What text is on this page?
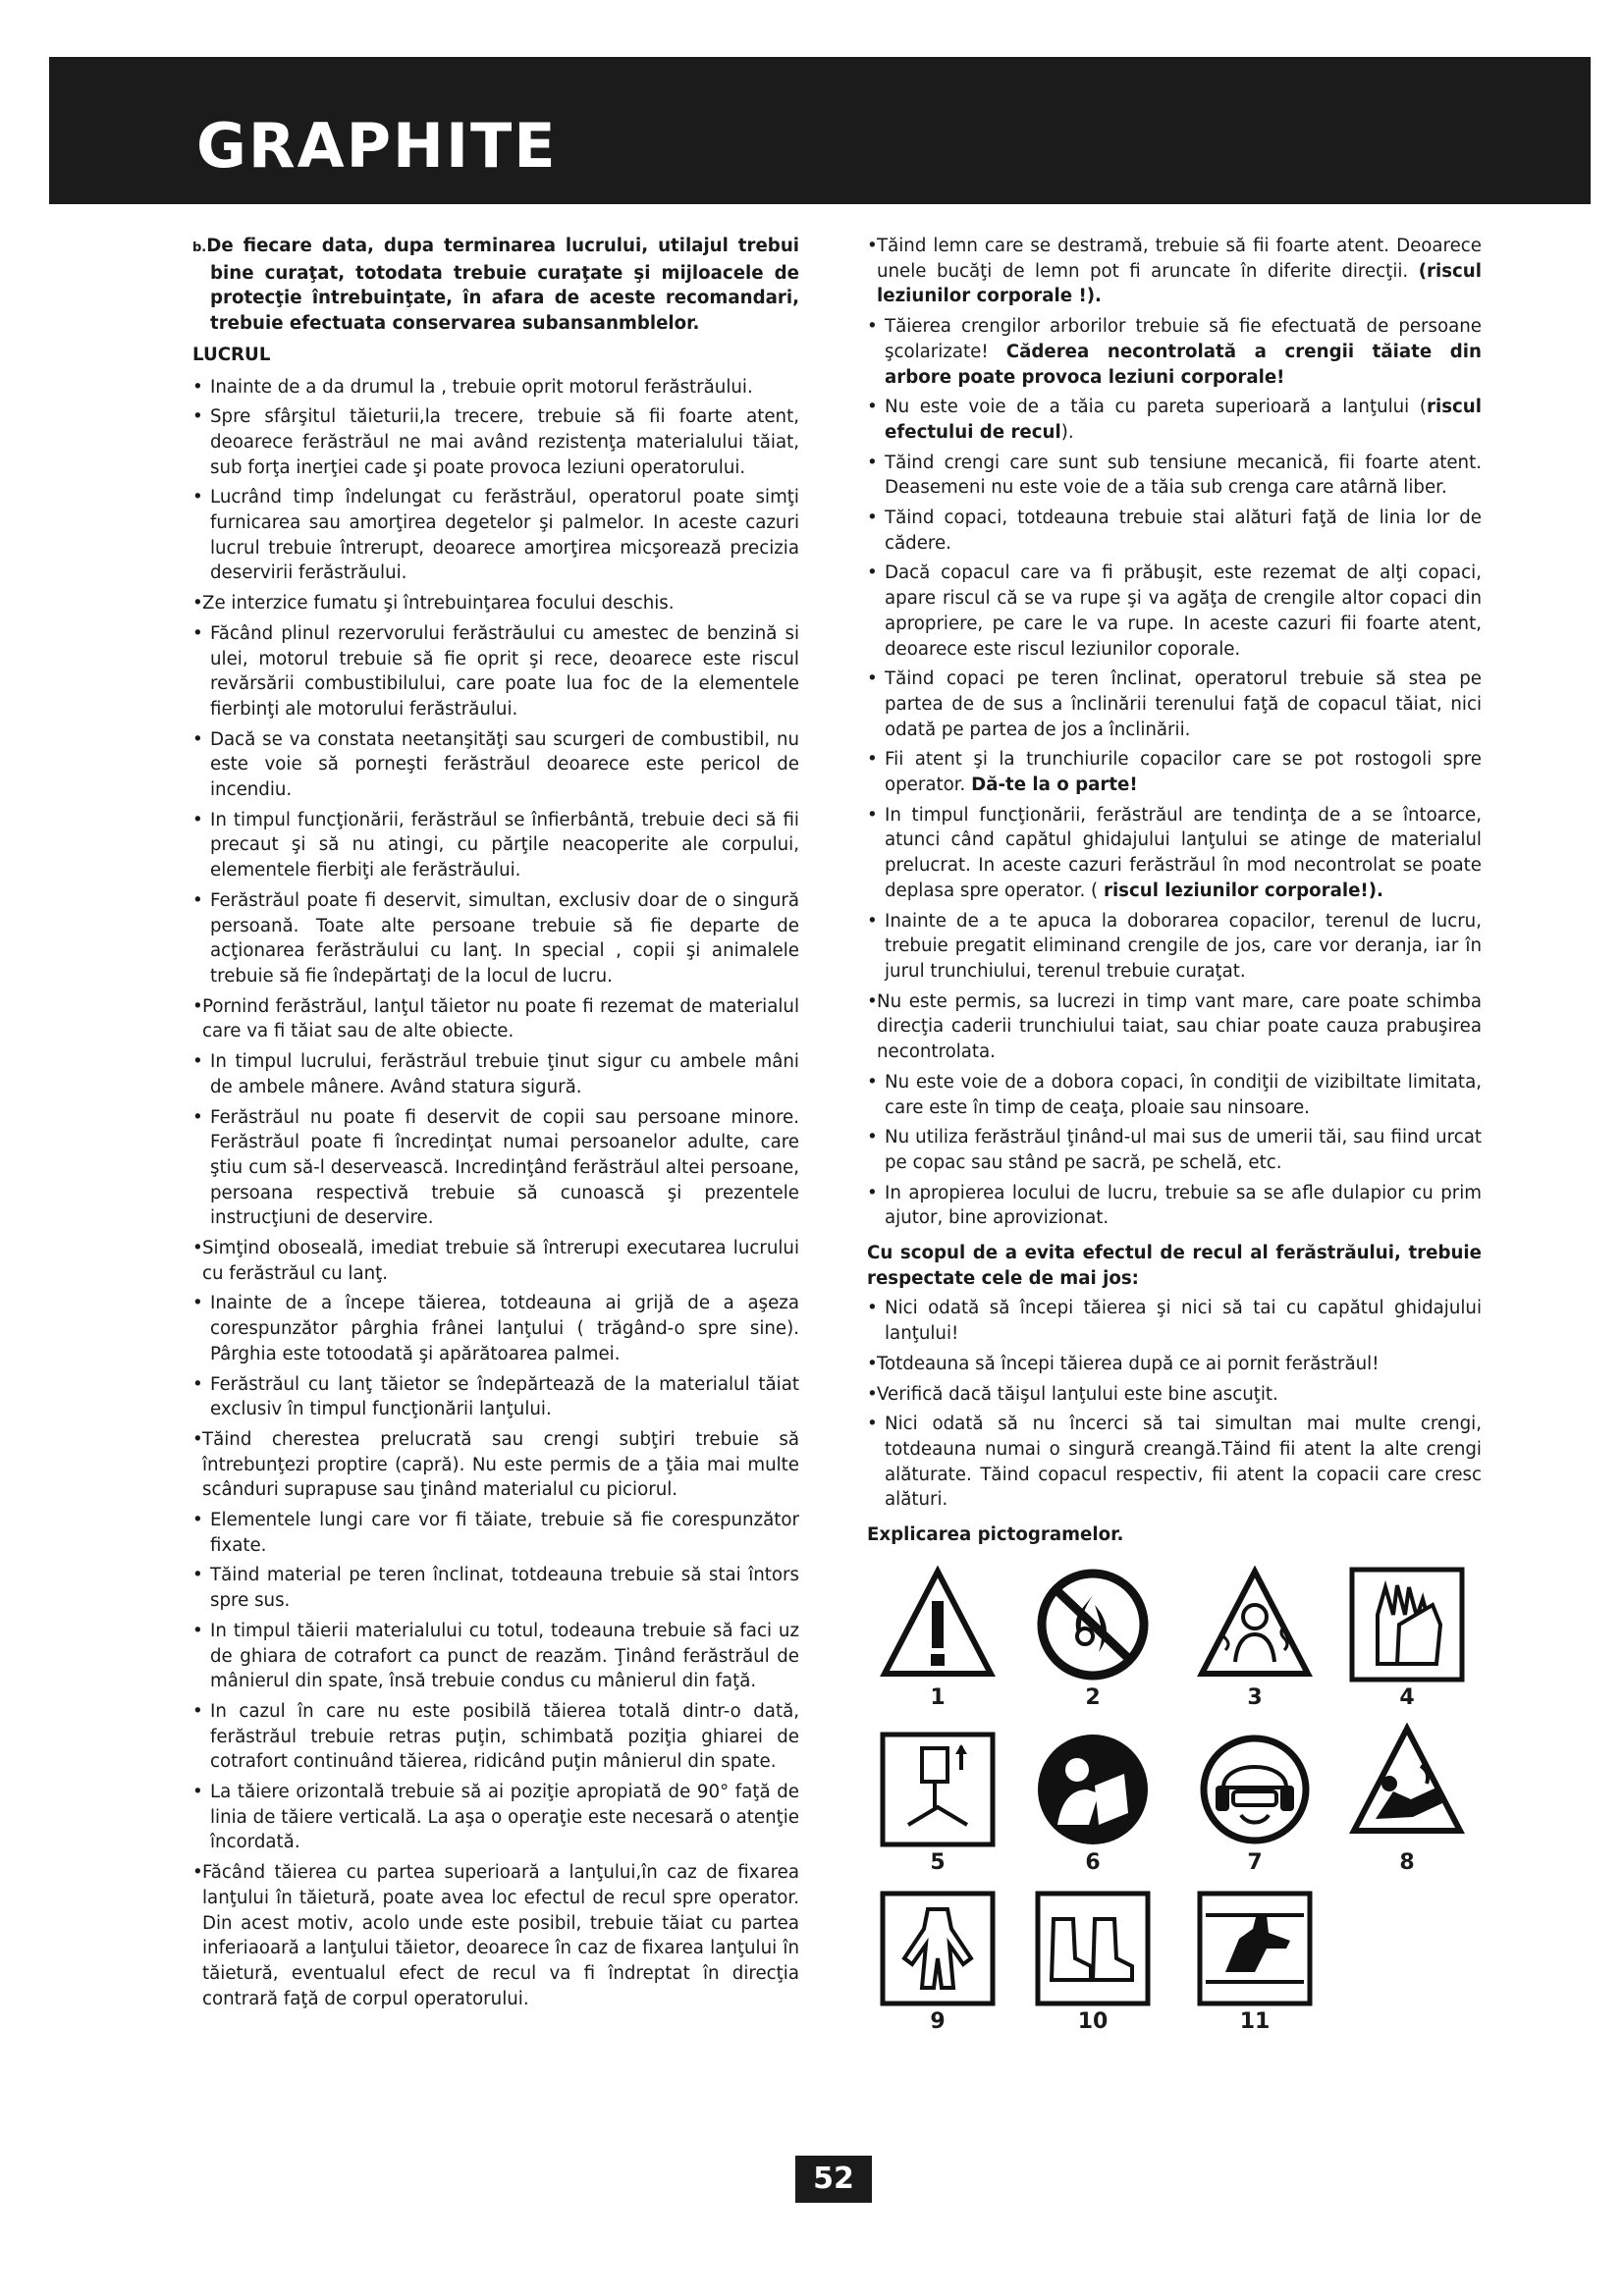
GRAPHITE

b.De fiecare data, dupa terminarea lucrului, utilajul trebui bine curaţat, totodata trebuie curaţate şi mijloacele de protecţie întrebuinţate, în afara de aceste recomandari, trebuie efectuata conservarea subansanmblelor.

LUCRUL

• Inainte de a da drumul la , trebuie oprit motorul ferăstrăului.

• Spre sfârşitul tăieturii,la trecere, trebuie să fii foarte atent, deoarece ferăstrăul ne mai având rezistenţa materialului tăiat, sub forţa inerţiei cade şi poate provoca leziuni operatorului.

• Lucrând timp îndelungat cu ferăstrăul, operatorul poate simţi furnicarea sau amorţirea degetelor şi palmelor. In aceste cazuri lucrul trebuie întrerupt, deoarece amorţirea micşorează precizia deservirii ferăstrăului.

• Ze interzice fumatu şi întrebuinţarea focului deschis.

• Făcând plinul rezervorului ferăstrăului cu amestec de benzină si ulei, motorul trebuie să fie oprit şi rece, deoarece este riscul revărsării combustibilului, care poate lua foc de la elementele fierbinţi ale motorului ferăstrăului.

• Dacă se va constata neetanşităţi sau scurgeri de combustibil, nu este voie să porneşti ferăstrăul deoarece este pericol de incendiu.

• In timpul funcţionării, ferăstrăul se înfierbântă, trebuie deci să fii precaut şi să nu atingi, cu părţile neacoperite ale corpului, elementele fierbiţi ale ferăstrăului.

• Ferăstrăul poate fi deservit, simultan, exclusiv doar de o singură persoană. Toate alte persoane trebuie să fie departe de acţionarea ferăstrăului cu lanţ. In special , copii şi animalele trebuie să fie îndepărtaţi de la locul de lucru.

• Pornind ferăstrăul, lanţul tăietor nu poate fi rezemat de materialul care va fi tăiat sau de alte obiecte.

• In timpul lucrului, ferăstrăul trebuie ţinut sigur cu ambele mâni de ambele mânere. Având statura sigură.

• Ferăstrăul nu poate fi deservit de copii sau persoane minore. Ferăstrăul poate fi încredinţat numai persoanelor adulte, care ştiu cum să-l deservească. Incredinţând ferăstrăul altei persoane, persoana respectivă trebuie să cunoască şi prezentele instrucţiuni de deservire.

• Simţind oboseală, imediat trebuie să întrerupi executarea lucrului cu ferăstrăul cu lanţ.

• Inainte de a începe tăierea, totdeauna ai grijă de a aşeza corespunzător pârghia frânei lanţului ( trăgând-o spre sine). Pârghia este totoodată şi apărătoarea palmei.

• Ferăstrăul cu lanţ tăietor se îndepărtează de la materialul tăiat exclusiv în timpul funcţionării lanţului.

• Tăind cherestea prelucrată sau crengi subţiri trebuie să întrebunţezi proptire (capră). Nu este permis de a ţăia mai multe scânduri suprapuse sau ţinând materialul cu piciorul.

• Elementele lungi care vor fi tăiate, trebuie să fie corespunzător fixate.

• Tăind material pe teren înclinat, totdeauna trebuie să stai întors spre sus.

• In timpul tăierii materialului cu totul, todeauna trebuie să faci uz de ghiara de cotrafort ca punct de reazăm. Ţinând ferăstrăul de mânierul din spate, însă trebuie condus cu mânierul din faţă.

• In cazul în care nu este posibilă tăierea totală dintr-o dată, ferăstrăul trebuie retras puţin, schimbată poziţia ghiarei de cotrafort continuând tăierea, ridicând puţin mânierul din spate.

• La tăiere orizontală trebuie să ai poziţie apropiată de 90° faţă de linia de tăiere verticală. La aşa o operaţie este necesară o atenţie încordată.

• Făcând tăierea cu partea superioară a lanţului,în caz de fixarea lanţului în tăietură, poate avea loc efectul de recul spre operator. Din acest motiv, acolo unde este posibil, trebuie tăiat cu partea inferiaoară a lanţului tăietor, deoarece în caz de fixarea lanţului în tăietură, eventualul efect de recul va fi îndreptat în direcţia contrară faţă de corpul operatorului.

• Tăind lemn care se destramă, trebuie să fii foarte atent. Deoarece unele bucăţi de lemn pot fi aruncate în diferite direcţii. (riscul leziunilor corporale !).

• Tăierea crengilor arborilor trebuie să fie efectuată de persoane şcolarizate! Căderea necontrolată a crengii tăiate din arbore poate provoca leziuni corporale!

• Nu este voie de a tăia cu pareta superioară a lanţului (riscul efectului de recul).

• Tăind crengi care sunt sub tensiune mecanică, fii foarte atent. Deasemeni nu este voie de a tăia sub crenga care atârnă liber.

• Tăind copaci, totdeauna trebuie stai alături faţă de linia lor de cădere.

• Dacă copacul care va fi prăbuşit, este rezemat de alţi copaci, apare riscul că se va rupe şi va agăţa de crengile altor copaci din apropriere, pe care le va rupe. In aceste cazuri fii foarte atent, deoarece este riscul leziunilor coporale.

• Tăind copaci pe teren înclinat, operatorul trebuie să stea pe partea de de sus a înclinării terenului faţă de copacul tăiat, nici odată pe partea de jos a înclinării.

• Fii atent şi la trunchiurile copacilor care se pot rostogoli spre operator. Dă-te la o parte!

• In timpul funcţionării, ferăstrăul are tendinţa de a se întoarce, atunci când capătul ghidajului lanţului se atinge de materialul prelucrat. In aceste cazuri ferăstrăul în mod necontrolat se poate deplasa spre operator. ( riscul leziunilor corporale!).

• Inainte de a te apuca la doborarea copacilor, terenul de lucru, trebuie pregatit eliminand crengile de jos, care vor deranja, iar în jurul trunchiului, terenul trebuie curaţat.

• Nu este permis, sa lucrezi in timp vant mare, care poate schimba direcţia caderii trunchiului taiat, sau chiar poate cauza prabuşirea necontrolata.

• Nu este voie de a dobora copaci, în condiţii de vizibiltate limitata, care este în timp de ceaţa, ploaie sau ninsoare.

• Nu utiliza ferăstrăul ţinând-ul mai sus de umerii tăi, sau fiind urcat pe copac sau stând pe sacră, pe schelă, etc.

• In apropierea locului de lucru, trebuie sa se afle dulapior cu prim ajutor, bine aprovizionat.

Cu scopul de a evita efectul de recul al ferăstrăului, trebuie respectate cele de mai jos:

• Nici odată să începi tăierea şi nici să tai cu capătul ghidajului lanţului!

• Totdeauna să începi tăierea după ce ai pornit ferăstrăul!

• Verifică dacă tăişul lanţului este bine ascuţit.

• Nici odată să nu încerci să tai simultan mai multe crengi, totdeauna numai o singură creangă.Tăind fii atent la alte crengi alăturate. Tăind copacul respectiv, fii atent la copacii care cresc alături.

Explicarea pictogramelor.

1	2	3	4
5	6	7	8
9	10	11
52
